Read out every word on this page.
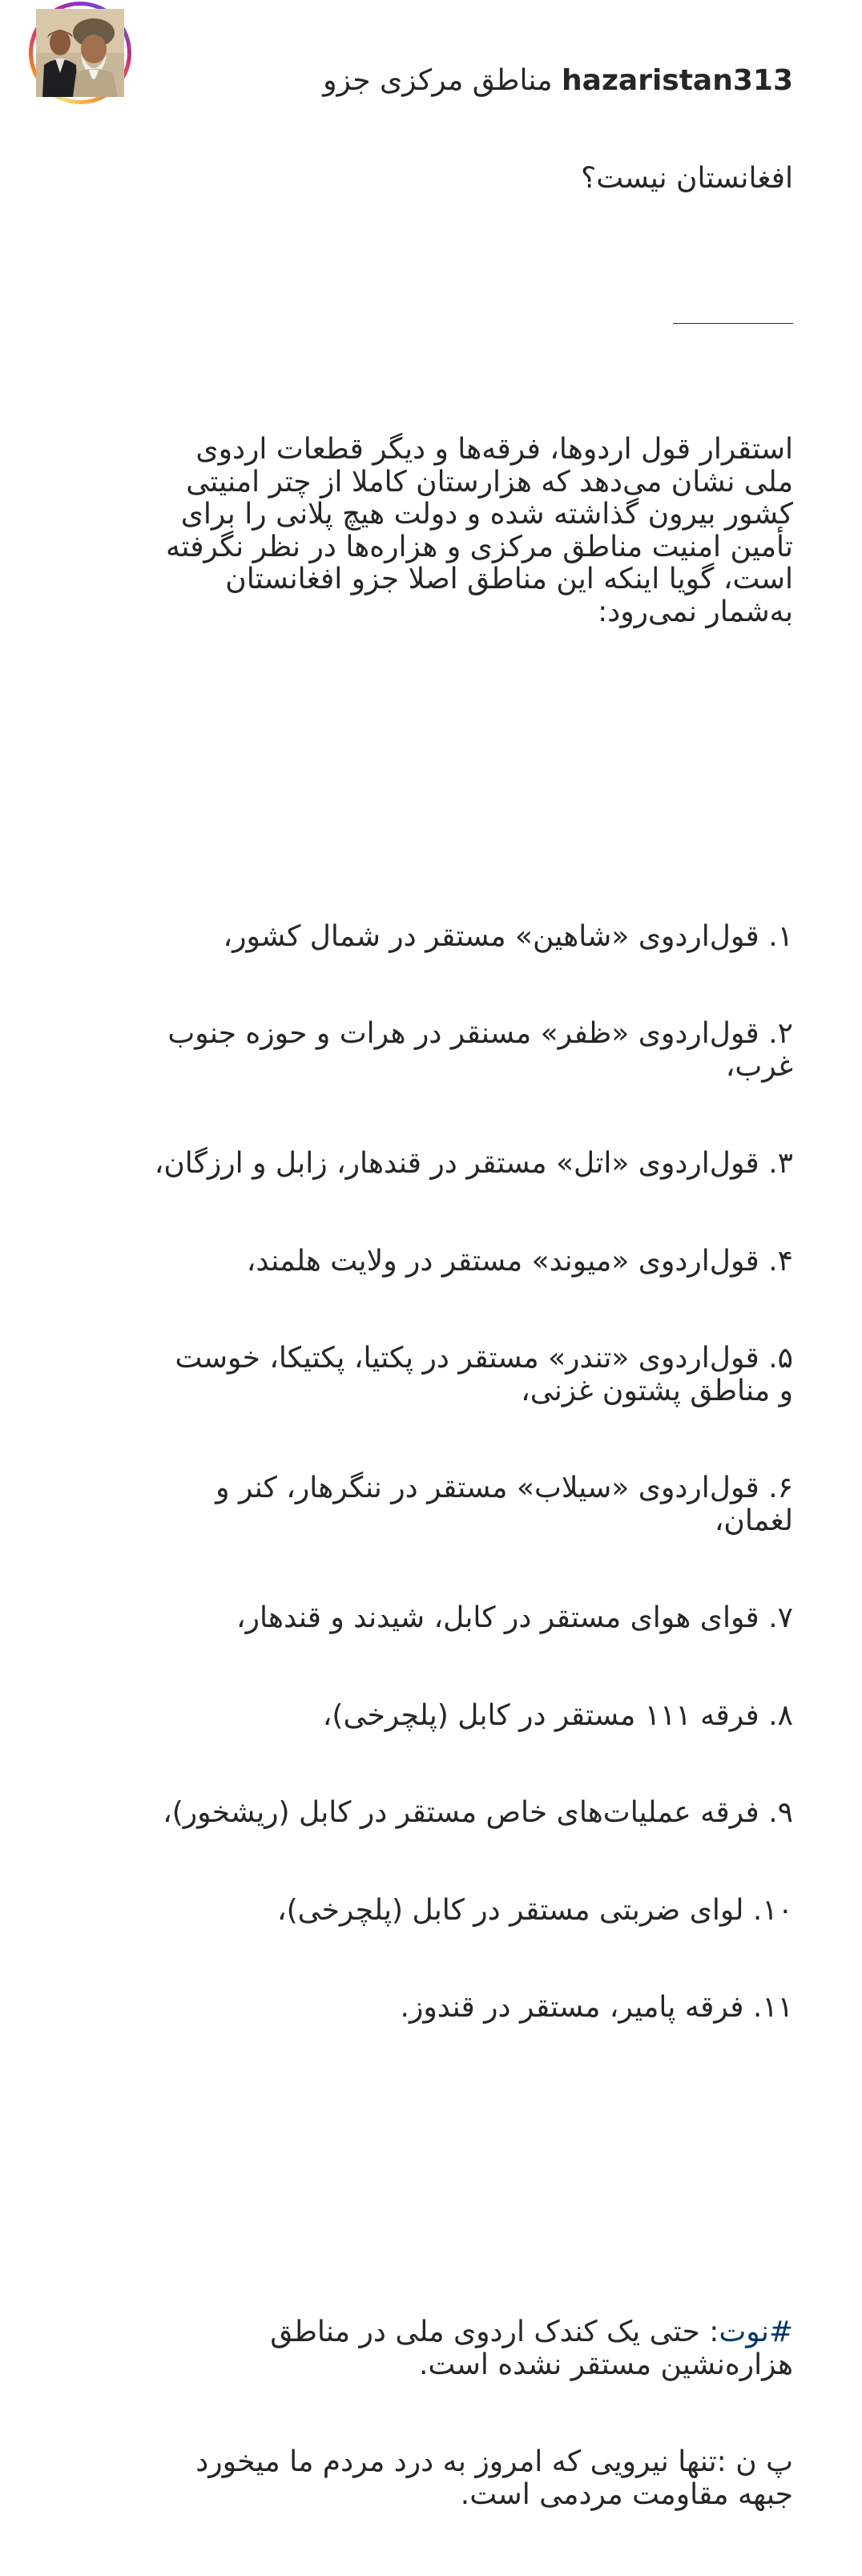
hazaristan313 مناطق مرکزی جزو

افغانستان نیست؟

استقرار قول اردوها، فرقه‌ها و دیگر قطعات اردوی ملی نشان می‌دهد که هزارستان کاملا از چتر امنیتی کشور بیرون گذاشته شده و دولت هیچ پلانی را برای تأمین امنیت مناطق مرکزی و هزاره‌ها در نظر نگرفته است، گویا اینکه این مناطق اصلا جزو افغانستان به‌شمار نمی‌رود:

۱. قول‌اردوی «شاهین» مستقر در شمال کشور،

۲. قول‌اردوی «ظفر» مسنقر در هرات و حوزه جنوب غرب،

۳. قول‌اردوی «اتل» مستقر در قندهار، زابل و ارزگان،

۴. قول‌اردوی «میوند» مستقر در ولایت هلمند،

۵. قول‌اردوی «تندر» مستقر در پکتیا، پکتیکا، خوست و مناطق پشتون غزنی،

۶. قول‌اردوی «سیلاب» مستقر در ننگرهار، کنر و لغمان،

۷. قوای هوای مستقر در کابل، شیدند و قندهار،

۸. فرقه ۱۱۱ مستقر در کابل (پلچرخی)،

۹. فرقه عملیات‌های خاص مستقر در کابل (ریشخور)،

۱۰. لوای ضربتی مستقر در کابل (پلچرخی)،

۱۱. فرقه پامیر، مستقر در قندوز.

#نوت: حتی یک کندک اردوی ملی در مناطق هزاره‌نشین مستقر نشده است.

پ ن :تنها نیرویی که امروز به درد مردم ما میخورد جبهه مقاومت مردمی است.
